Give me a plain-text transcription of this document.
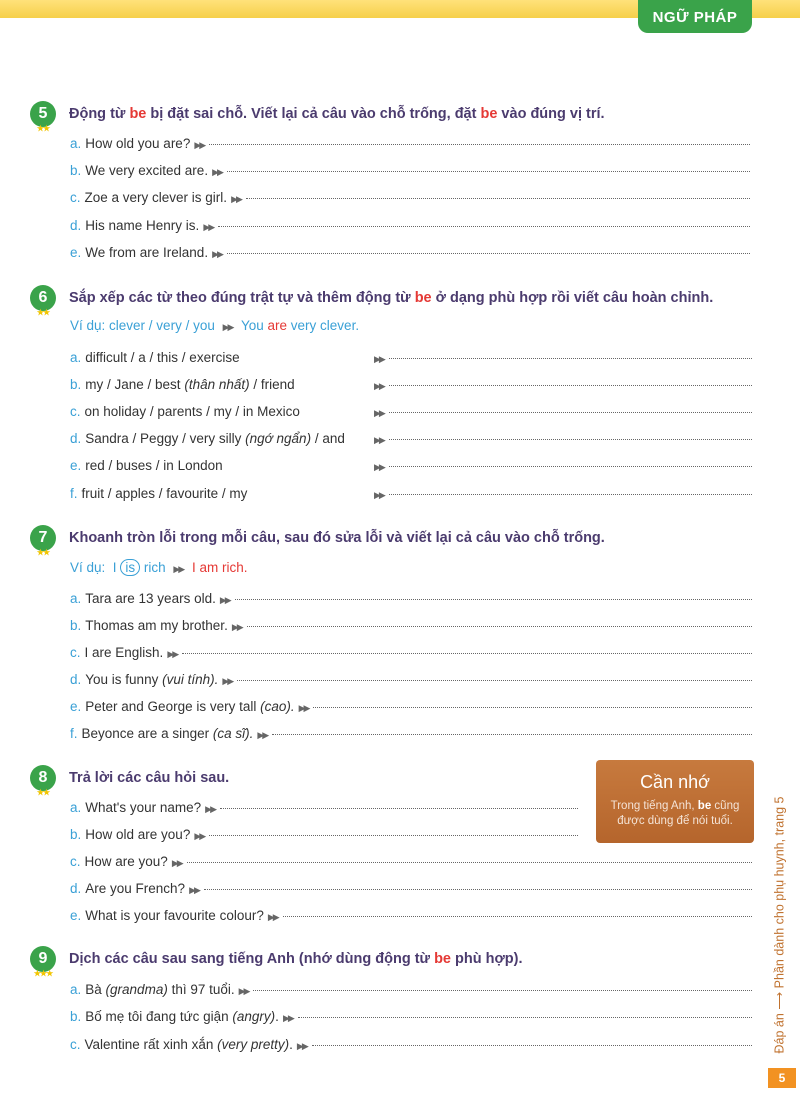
NGỮ PHÁP
5
★★
Động từ be bị đặt sai chỗ. Viết lại cả câu vào chỗ trống, đặt be vào đúng vị trí.
a. How old you are? ▶▶
b. We very excited are. ▶▶
c. Zoe a very clever is girl. ▶▶
d. His name Henry is. ▶▶
e. We from are Ireland. ▶▶
6
★★
Sắp xếp các từ theo đúng trật tự và thêm động từ be ở dạng phù hợp rồi viết câu hoàn chỉnh.
Ví dụ: clever / very / you ▶▶ You are very clever.
a. difficult / a / this / exercise	▶▶
b. my / Jane / best (thân nhất) / friend	▶▶
c. on holiday / parents / my / in Mexico	▶▶
d. Sandra / Peggy / very silly (ngớ ngẩn) / and	▶▶
e. red / buses / in London	▶▶
f. fruit / apples / favourite / my	▶▶
7
★★
Khoanh tròn lỗi trong mỗi câu, sau đó sửa lỗi và viết lại cả câu vào chỗ trống.
Ví dụ: I is rich ▶▶ I am rich.
a. Tara are 13 years old. ▶▶
b. Thomas am my brother. ▶▶
c. I are English. ▶▶
d. You is funny
(vui tính). ▶▶
e. Peter and George is very tall
(cao). ▶▶
f. Beyonce are a singer
(ca sĩ). ▶▶
8
★★
Trả lời các câu hỏi sau.
a. What's your name? ▶▶
b. How old are you? ▶▶
c. How are you? ▶▶
d. Are you French? ▶▶
e. What is your favourite colour? ▶▶
Cần nhớ
Trong tiếng Anh, be cũng
được dùng để nói tuổi.
9
★★★
Dịch các câu sau sang tiếng Anh (nhớ dùng động từ be phù hợp).
a. Bà
(grandma)
thì 97 tuổi. ▶▶
b. Bố mẹ tôi đang tức giận
(angry) . ▶▶
c. Valentine rất xinh xắn
(very pretty) . ▶▶	Đáp án ⟶ Phần dành cho phụ huynh, trang 5
5
